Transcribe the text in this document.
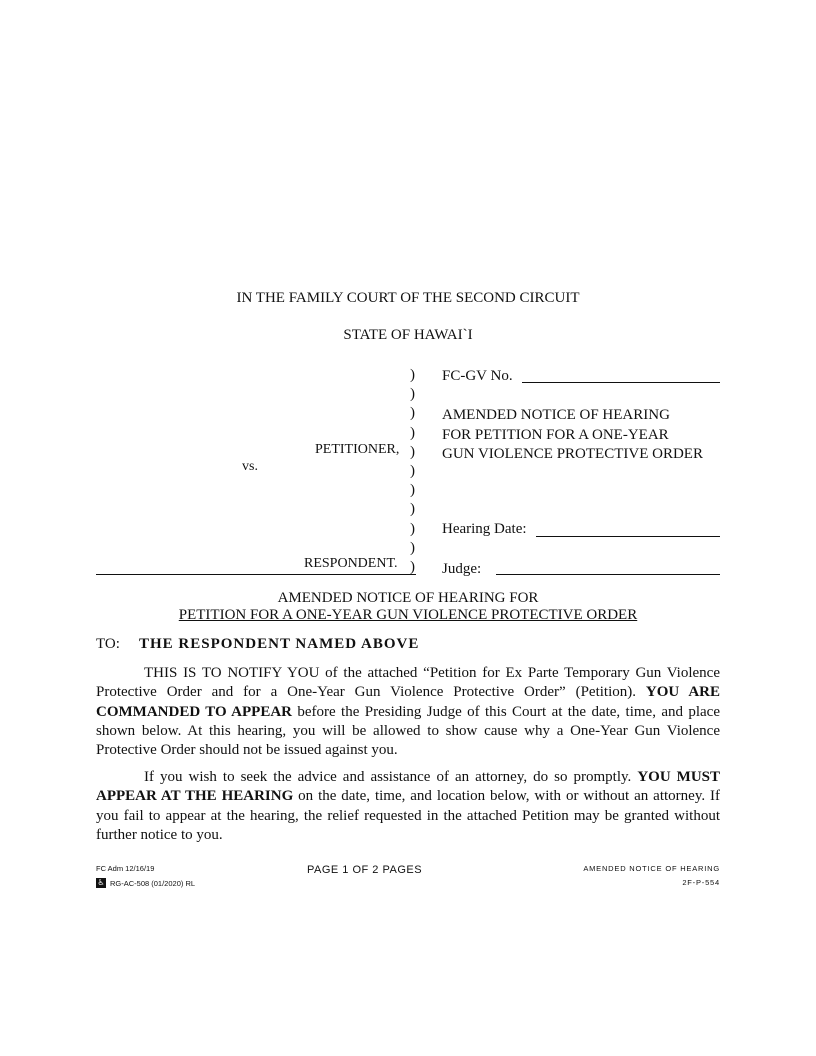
IN THE FAMILY COURT OF THE SECOND CIRCUIT
STATE OF HAWAI`I
)
)
)
)
)
)
)
)
)
)
)
PETITIONER,
vs.
RESPONDENT.
FC-GV No.
AMENDED NOTICE OF HEARING
FOR PETITION FOR A ONE-YEAR
GUN VIOLENCE PROTECTIVE ORDER
Hearing Date:
Judge:
AMENDED NOTICE OF HEARING FOR
PETITION FOR A ONE-YEAR GUN VIOLENCE PROTECTIVE ORDER
TO: THE RESPONDENT NAMED ABOVE

THIS IS TO NOTIFY YOU of the attached “Petition for Ex Parte Temporary Gun Violence Protective Order and for a One-Year Gun Violence Protective Order” (Petition). YOU ARE COMMANDED TO APPEAR before the Presiding Judge of this Court at the date, time, and place shown below. At this hearing, you will be allowed to show cause why a One-Year Gun Violence Protective Order should not be issued against you.

If you wish to seek the advice and assistance of an attorney, do so promptly. YOU MUST APPEAR AT THE HEARING on the date, time, and location below, with or without an attorney. If you fail to appear at the hearing, the relief requested in the attached Petition may be granted without further notice to you.

FC Adm 12/16/19
♿ RG-AC-508 (01/2020) RL
PAGE 1 OF 2 PAGES	AMENDED NOTICE OF HEARING
2F-P-554
